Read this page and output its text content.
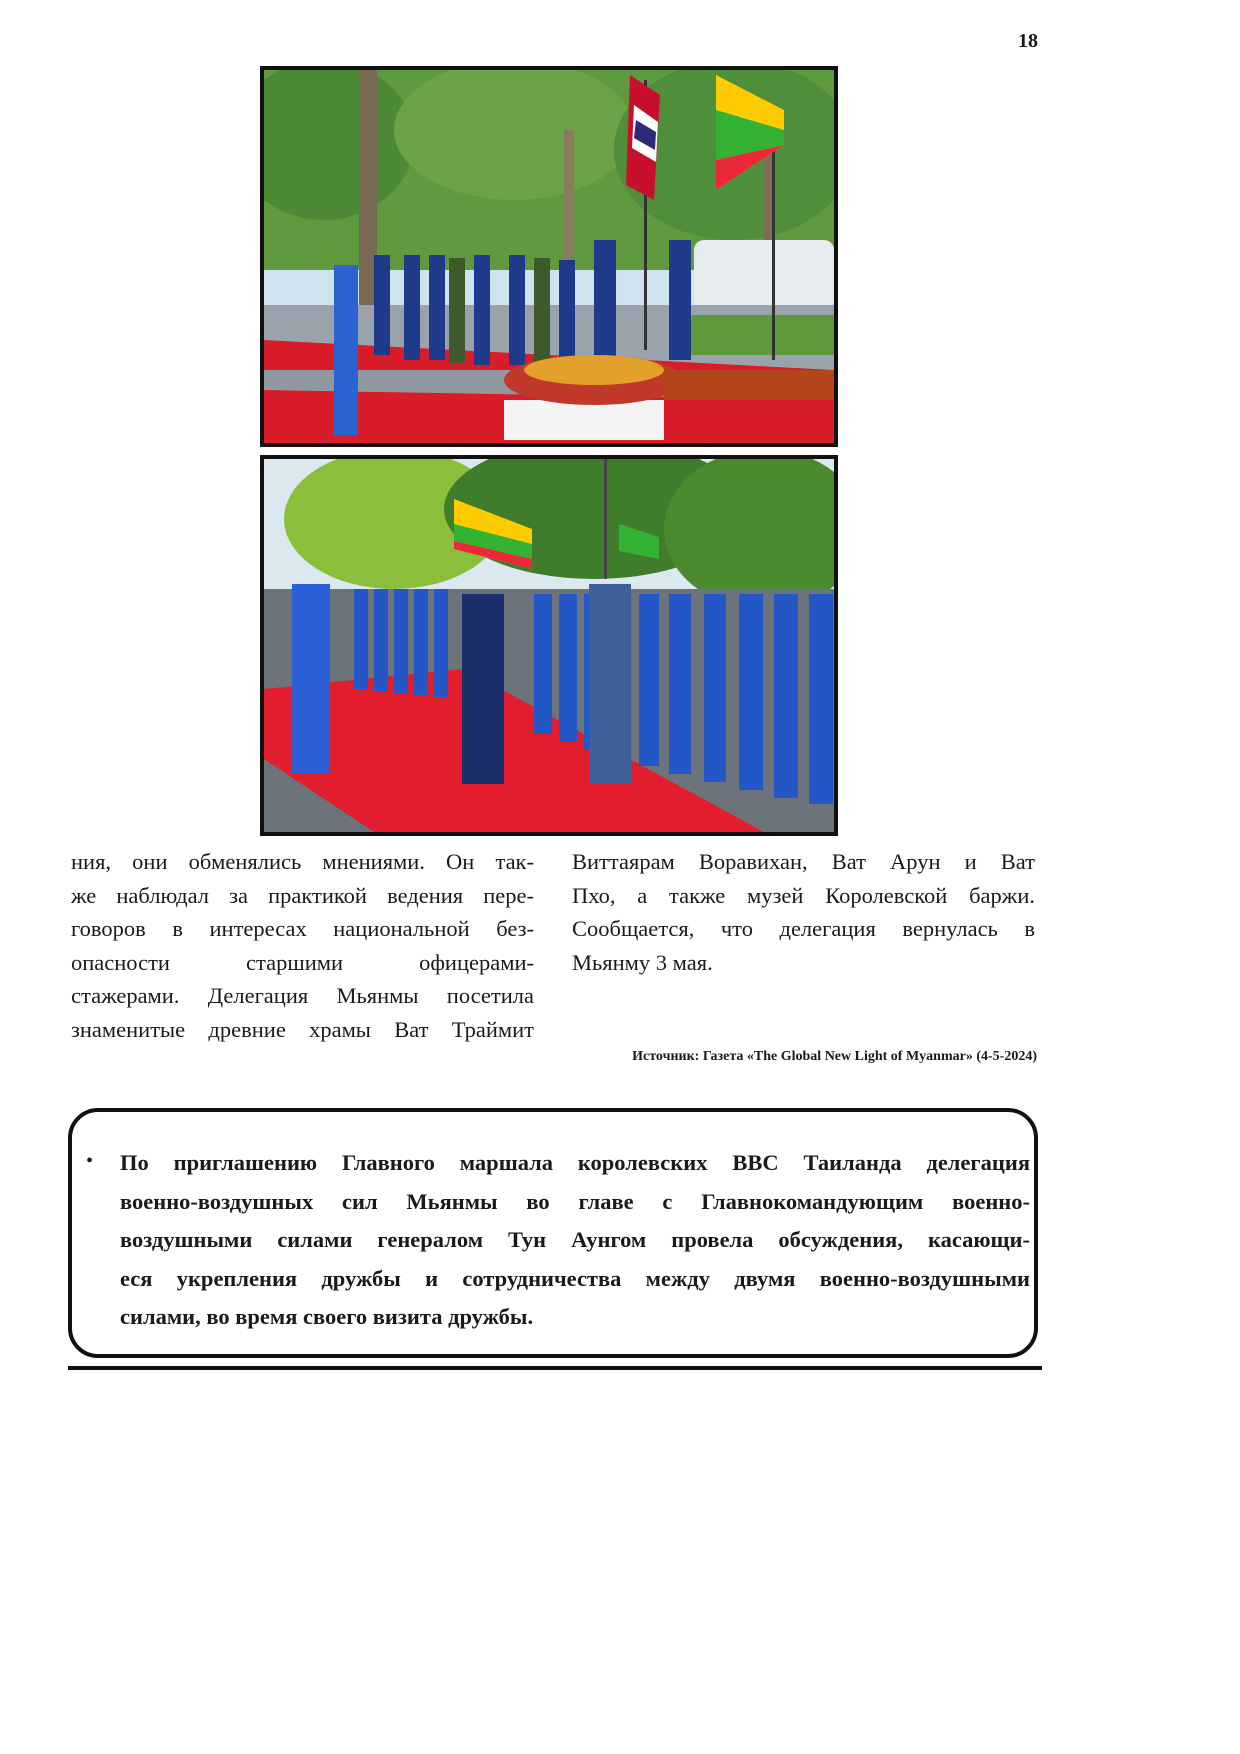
18
ния, они обменялись мнениями. Он так-
же наблюдал за практикой ведения пере-
говоров в интересах национальной без-
опасности старшими офицерами-
стажерами. Делегация Мьянмы посетила
знаменитые древние храмы Ват Траймит
Виттаярам Воравихан, Ват Арун и Ват
Пхо, а также музей Королевской баржи.
Сообщается, что делегация вернулась в
Мьянму 3 мая.
Источник: Газета «The Global New Light of Myanmar» (4-5-2024)
• По приглашению Главного маршала королевских ВВС Таиланда делегация
военно-воздушных сил Мьянмы во главе с Главнокомандующим военно-
воздушными силами генералом Тун Аунгом провела обсуждения, касающи-
еся укрепления дружбы и сотрудничества между двумя военно-воздушными
силами, во время своего визита дружбы.
